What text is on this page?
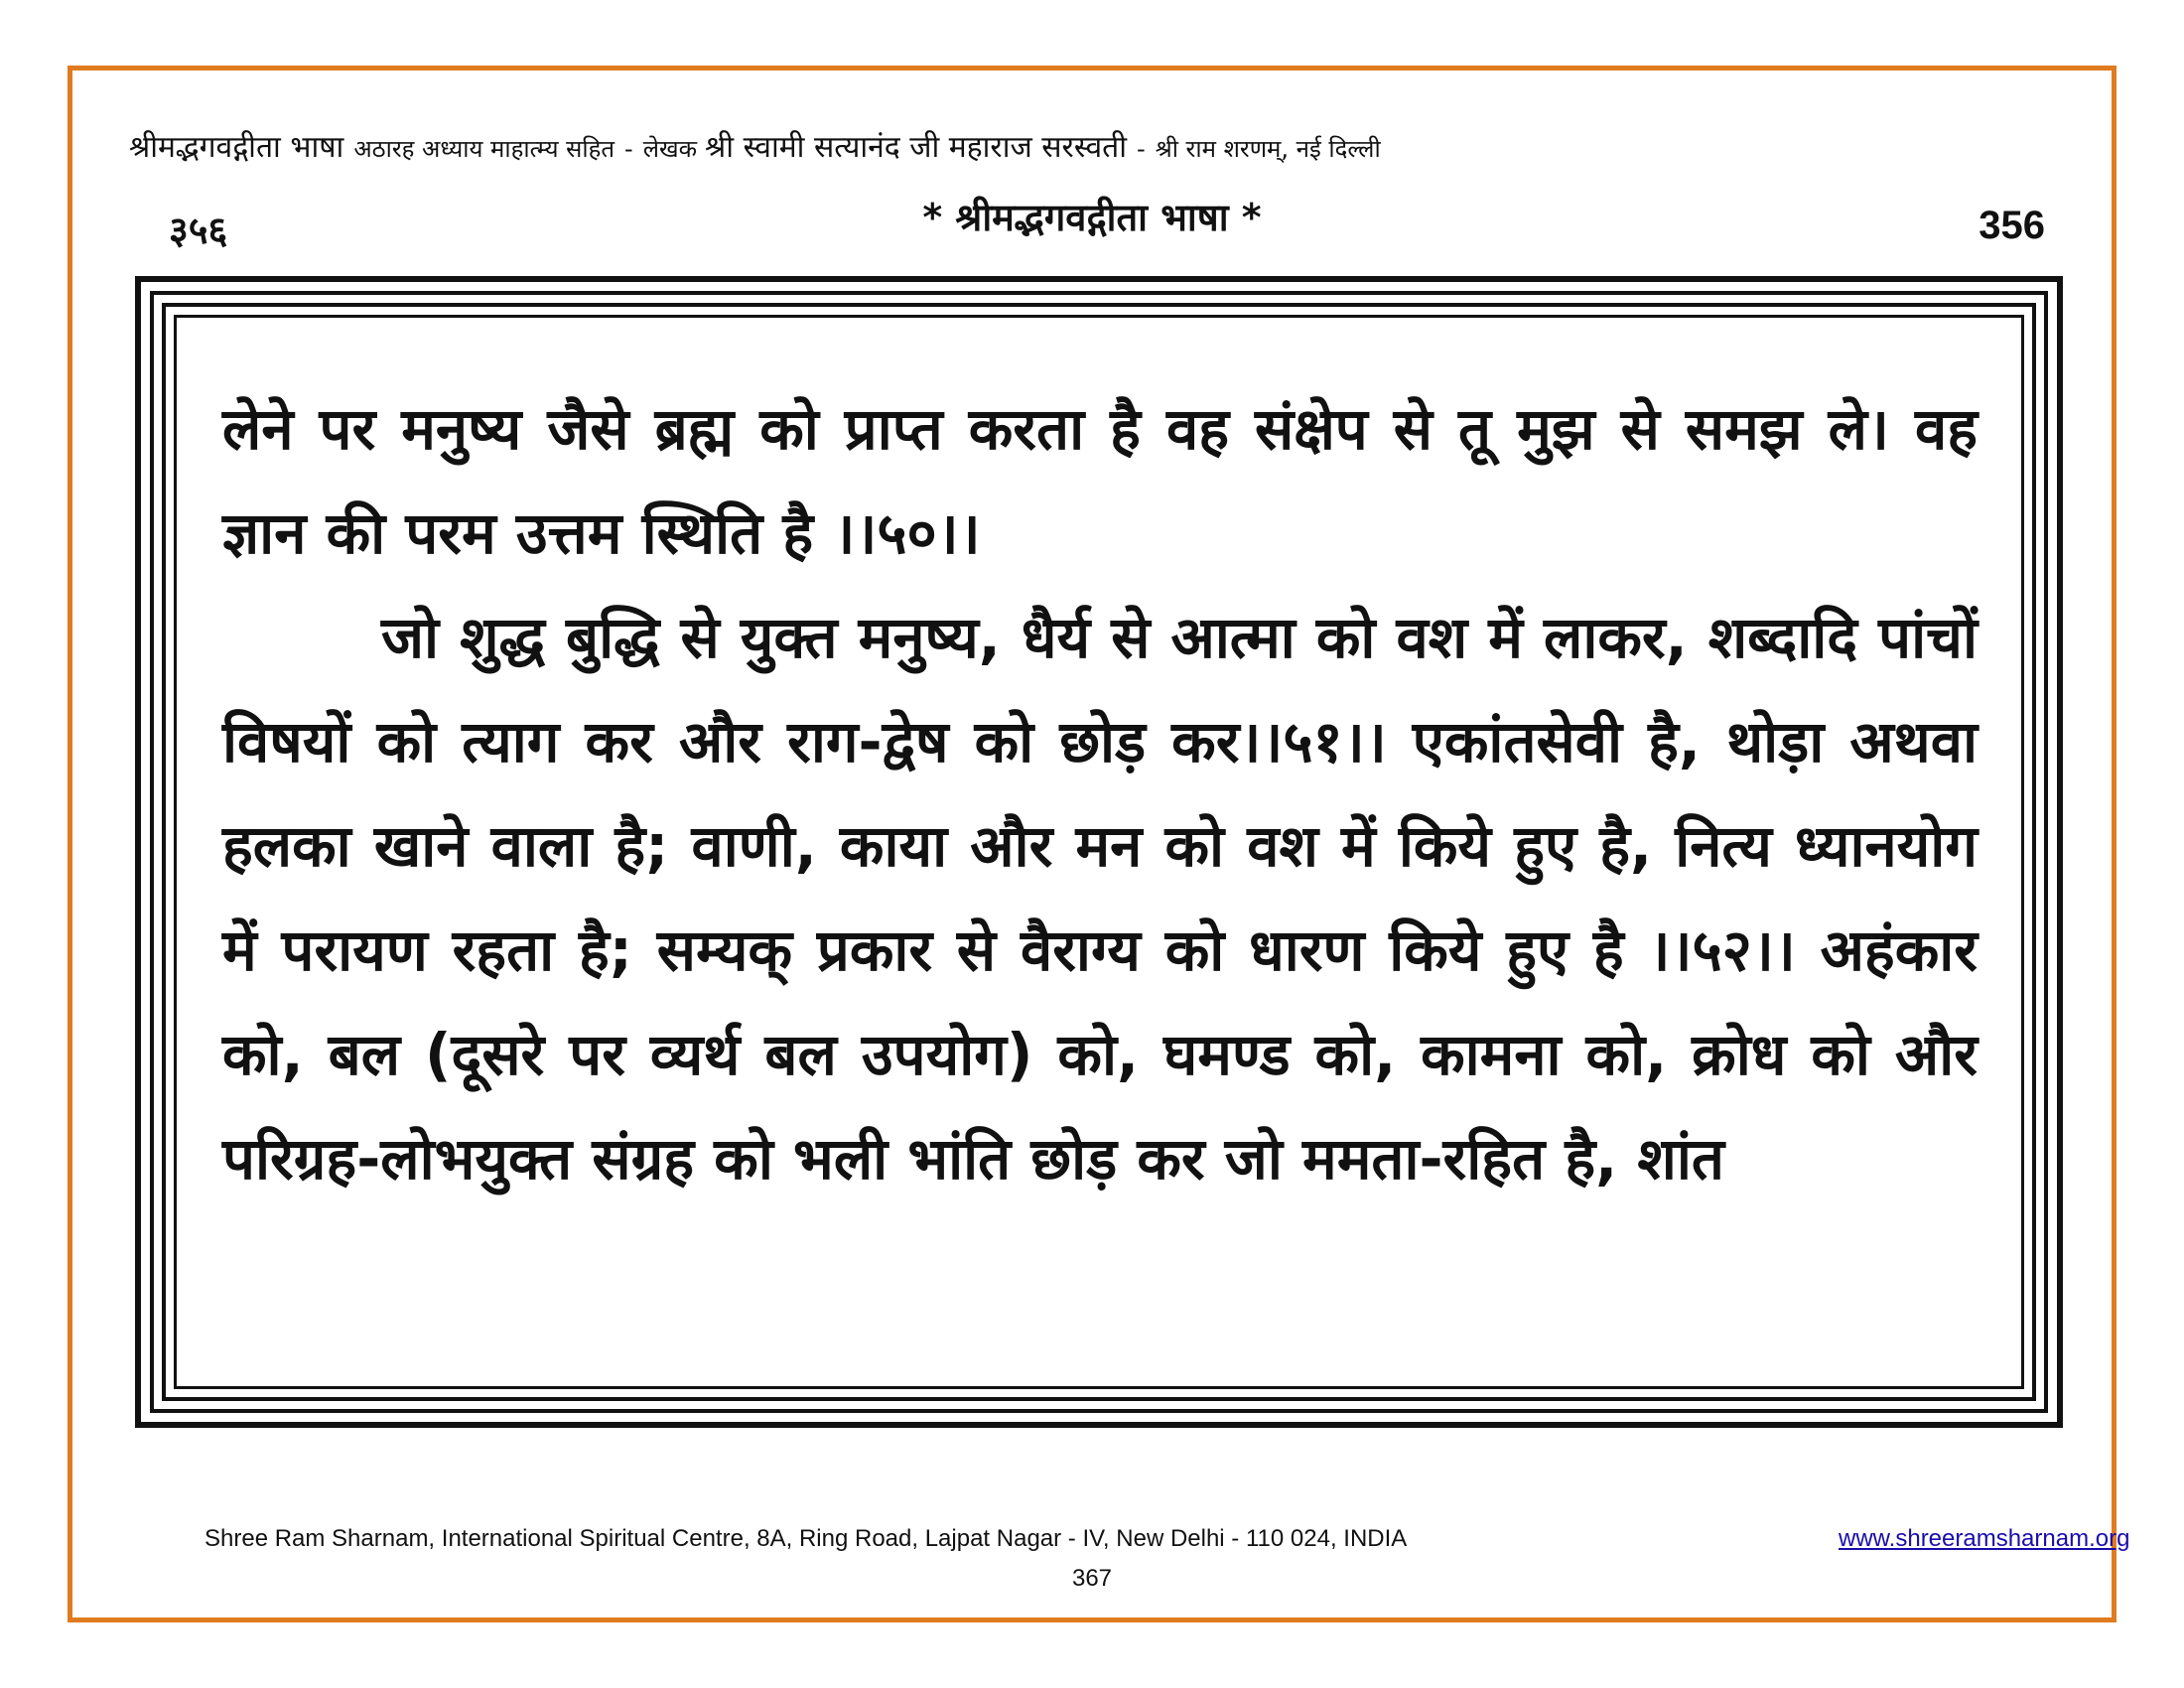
श्रीमद्भगवद्गीता भाषा अठारह अध्याय माहात्म्य सहित - लेखक श्री स्वामी सत्यानंद जी महाराज सरस्वती - श्री राम शरणम्, नई दिल्ली
३५६	* श्रीमद्भगवद्गीता भाषा *	356

लेने पर मनुष्य जैसे ब्रह्म को प्राप्त करता है वह संक्षेप से तू मुझ से समझ ले। वह ज्ञान की परम उत्तम स्थिति है ।।५०।।

जो शुद्ध बुद्धि से युक्त मनुष्य, धैर्य से आत्मा को वश में लाकर, शब्दादि पांचों विषयों को त्याग कर और राग-द्वेष को छोड़ कर।।५१।। एकांतसेवी है, थोड़ा अथवा हलका खाने वाला है; वाणी, काया और मन को वश में किये हुए है, नित्य ध्यानयोग में परायण रहता है; सम्यक् प्रकार से वैराग्य को धारण किये हुए है ।।५२।। अहंकार को, बल (दूसरे पर व्यर्थ बल उपयोग) को, घमण्ड को, कामना को, क्रोध को और परिग्रह-लोभयुक्त संग्रह को भली भांति छोड़ कर जो ममता-रहित है, शांत

Shree Ram Sharnam, International Spiritual Centre, 8A, Ring Road, Lajpat Nagar - IV, New Delhi - 110 024, INDIA	www.shreeramsharnam.org
367
